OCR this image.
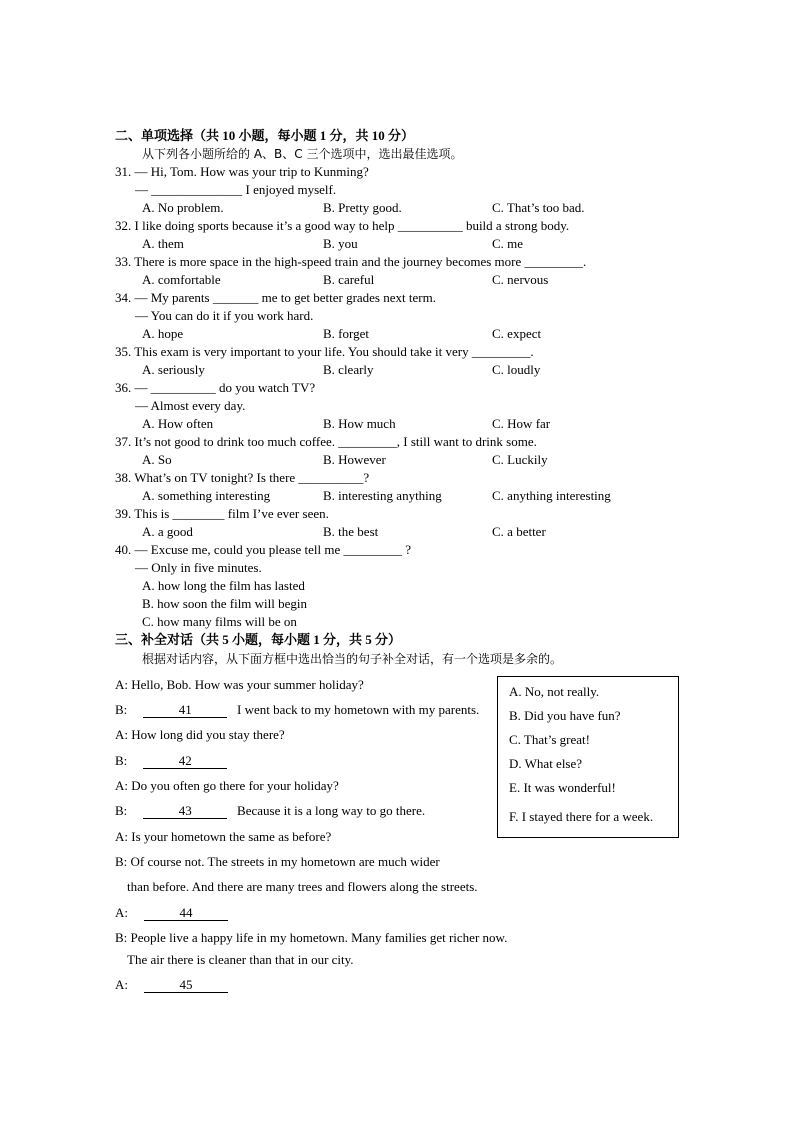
二、单项选择（共 10 小题，每小题 1 分，共 10 分）
从下列各小题所给的 A、B、C 三个选项中，选出最佳选项。
31. — Hi, Tom. How was your trip to Kunming?
— ______________ I enjoyed myself.
A. No problem.	B. Pretty good.	C. That’s too bad.
32. I like doing sports because it’s a good way to help __________ build a strong body.
A. them	B. you	C. me
33. There is more space in the high-speed train and the journey becomes more _________.
A. comfortable	B. careful	C. nervous
34. — My parents _______ me to get better grades next term.
— You can do it if you work hard.
A. hope	B. forget	C. expect
35. This exam is very important to your life. You should take it very _________.
A. seriously	B. clearly	C. loudly
36. — __________ do you watch TV?
— Almost every day.
A. How often	B. How much	C. How far
37. It’s not good to drink too much coffee. _________, I still want to drink some.
A. So	B. However	C. Luckily
38. What’s on TV tonight? Is there __________?
A. something interesting	B. interesting anything	C. anything interesting
39. This is ________ film I’ve ever seen.
A. a good	B. the best	C. a better
40. — Excuse me, could you please tell me _________ ?
— Only in five minutes.
A. how long the film has lasted
B. how soon the film will begin
C. how many films will be on
三、补全对话（共 5 小题，每小题 1 分，共 5 分）
根据对话内容，从下面方框中选出恰当的句子补全对话，有一个选项是多余的。
A: Hello, Bob. How was your summer holiday?
B:	41	I went back to my hometown with my parents.
A: How long did you stay there?
B:	42
A: Do you often go there for your holiday?
B:	43	Because it is a long way to go there.
A: Is your hometown the same as before?
B: Of course not. The streets in my hometown are much wider
than before. And there are many trees and flowers along the streets.
A:	44
B: People live a happy life in my hometown. Many families get richer now.
The air there is cleaner than that in our city.
A:	45
A. No, not really.
B. Did you have fun?
C. That’s great!
D. What else?
E. It was wonderful!
F. I stayed there for a week.
